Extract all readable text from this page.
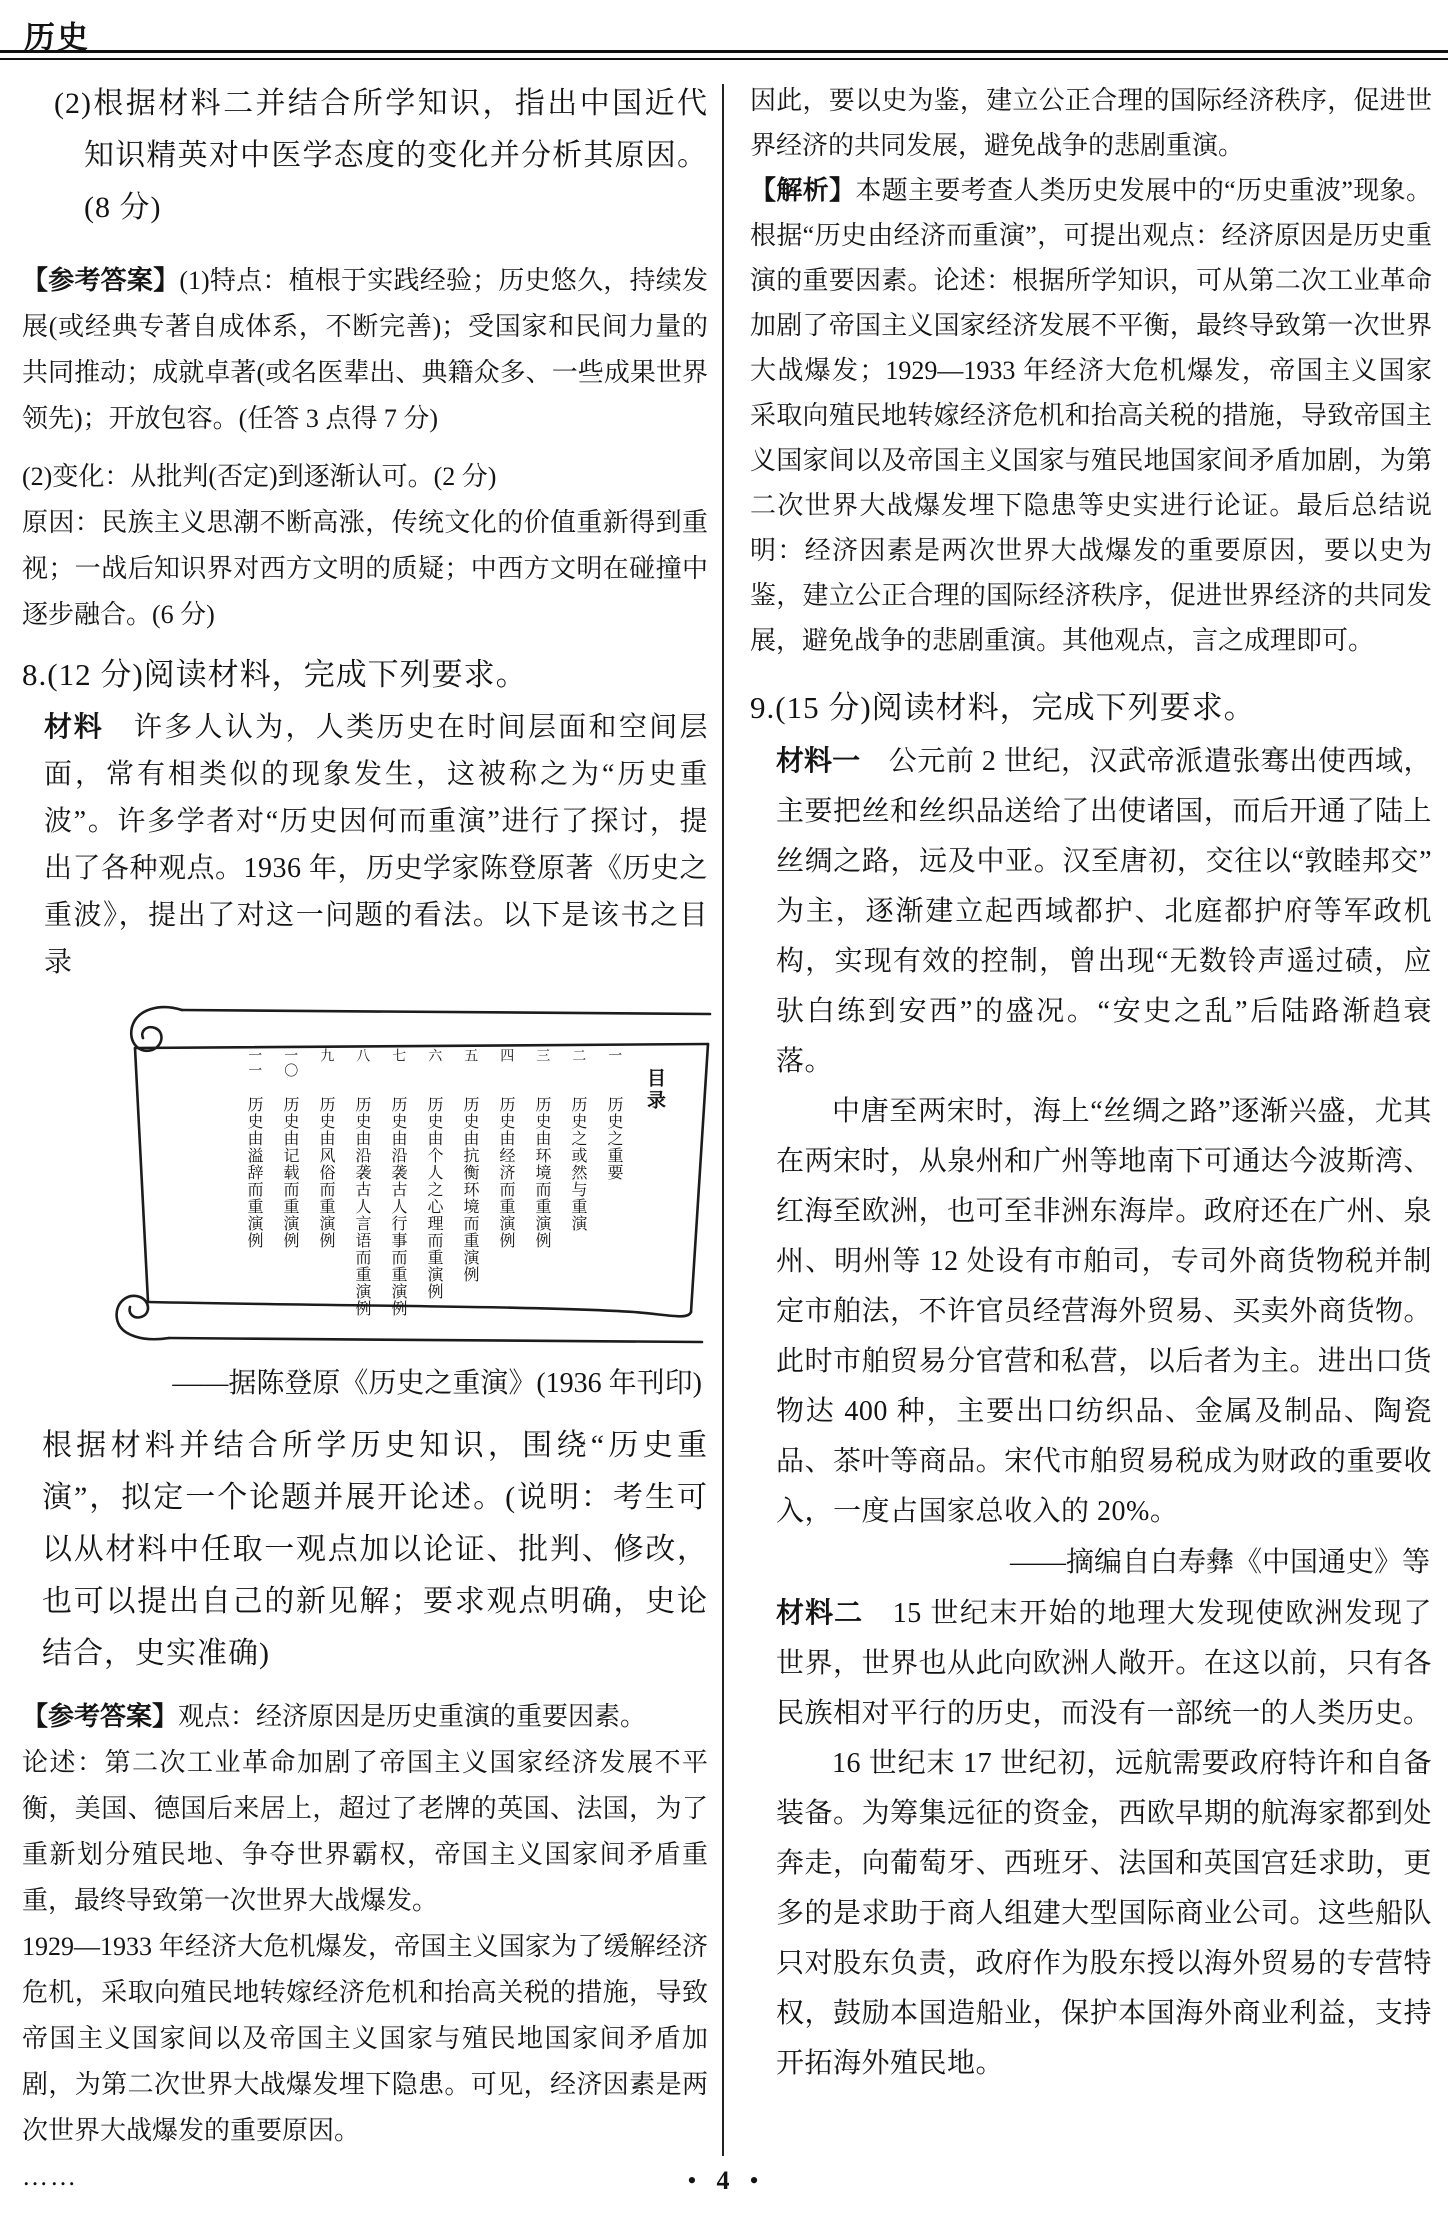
历史

(2)根据材料二并结合所学知识，指出中国近代知识精英对中医学态度的变化并分析其原因。(8 分)

【参考答案】(1)特点：植根于实践经验；历史悠久，持续发展(或经典专著自成体系，不断完善)；受国家和民间力量的共同推动；成就卓著(或名医辈出、典籍众多、一些成果世界领先)；开放包容。(任答 3 点得 7 分)

(2)变化：从批判(否定)到逐渐认可。(2 分)

原因：民族主义思潮不断高涨，传统文化的价值重新得到重视；一战后知识界对西方文明的质疑；中西方文明在碰撞中逐步融合。(6 分)

8.(12 分)阅读材料，完成下列要求。

材料　许多人认为，人类历史在时间层面和空间层面，常有相类似的现象发生，这被称之为“历史重波”。许多学者对“历史因何而重演”进行了探讨，提出了各种观点。1936 年，历史学家陈登原著《历史之重波》，提出了对这一问题的看法。以下是该书之目录

目录
一
历史之重要
二
历史之或然与重演
三
历史由环境而重演例
四
历史由经济而重演例
五
历史由抗衡环境而重演例
六
历史由个人之心理而重演例
七
历史由沿袭古人行事而重演例
八
历史由沿袭古人言语而重演例
九
历史由风俗而重演例
一〇
历史由记载而重演例
一一
历史由溢辞而重演例

——据陈登原《历史之重演》(1936 年刊印)

根据材料并结合所学历史知识，围绕“历史重演”，拟定一个论题并展开论述。(说明：考生可以从材料中任取一观点加以论证、批判、修改，也可以提出自己的新见解；要求观点明确，史论结合，史实准确)

【参考答案】观点：经济原因是历史重演的重要因素。

论述：第二次工业革命加剧了帝国主义国家经济发展不平衡，美国、德国后来居上，超过了老牌的英国、法国，为了重新划分殖民地、争夺世界霸权，帝国主义国家间矛盾重重，最终导致第一次世界大战爆发。

1929—1933 年经济大危机爆发，帝国主义国家为了缓解经济危机，采取向殖民地转嫁经济危机和抬高关税的措施，导致帝国主义国家间以及帝国主义国家与殖民地国家间矛盾加剧，为第二次世界大战爆发埋下隐患。可见，经济因素是两次世界大战爆发的重要原因。

……

因此，要以史为鉴，建立公正合理的国际经济秩序，促进世界经济的共同发展，避免战争的悲剧重演。

【解析】本题主要考查人类历史发展中的“历史重波”现象。根据“历史由经济而重演”，可提出观点：经济原因是历史重演的重要因素。论述：根据所学知识，可从第二次工业革命加剧了帝国主义国家经济发展不平衡，最终导致第一次世界大战爆发；1929—1933 年经济大危机爆发，帝国主义国家采取向殖民地转嫁经济危机和抬高关税的措施，导致帝国主义国家间以及帝国主义国家与殖民地国家间矛盾加剧，为第二次世界大战爆发埋下隐患等史实进行论证。最后总结说明：经济因素是两次世界大战爆发的重要原因，要以史为鉴，建立公正合理的国际经济秩序，促进世界经济的共同发展，避免战争的悲剧重演。其他观点，言之成理即可。

9.(15 分)阅读材料，完成下列要求。

材料一　公元前 2 世纪，汉武帝派遣张骞出使西域，主要把丝和丝织品送给了出使诸国，而后开通了陆上丝绸之路，远及中亚。汉至唐初，交往以“敦睦邦交”为主，逐渐建立起西域都护、北庭都护府等军政机构，实现有效的控制，曾出现“无数铃声遥过碛，应驮白练到安西”的盛况。“安史之乱”后陆路渐趋衰落。

中唐至两宋时，海上“丝绸之路”逐渐兴盛，尤其在两宋时，从泉州和广州等地南下可通达今波斯湾、红海至欧洲，也可至非洲东海岸。政府还在广州、泉州、明州等 12 处设有市舶司，专司外商货物税并制定市舶法，不许官员经营海外贸易、买卖外商货物。此时市舶贸易分官营和私营，以后者为主。进出口货物达 400 种，主要出口纺织品、金属及制品、陶瓷品、茶叶等商品。宋代市舶贸易税成为财政的重要收入，一度占国家总收入的 20%。

——摘编自白寿彝《中国通史》等

材料二　15 世纪末开始的地理大发现使欧洲发现了世界，世界也从此向欧洲人敞开。在这以前，只有各民族相对平行的历史，而没有一部统一的人类历史。

16 世纪末 17 世纪初，远航需要政府特许和自备装备。为筹集远征的资金，西欧早期的航海家都到处奔走，向葡萄牙、西班牙、法国和英国宫廷求助，更多的是求助于商人组建大型国际商业公司。这些船队只对股东负责，政府作为股东授以海外贸易的专营特权，鼓励本国造船业，保护本国海外商业利益，支持开拓海外殖民地。

• 4 •
